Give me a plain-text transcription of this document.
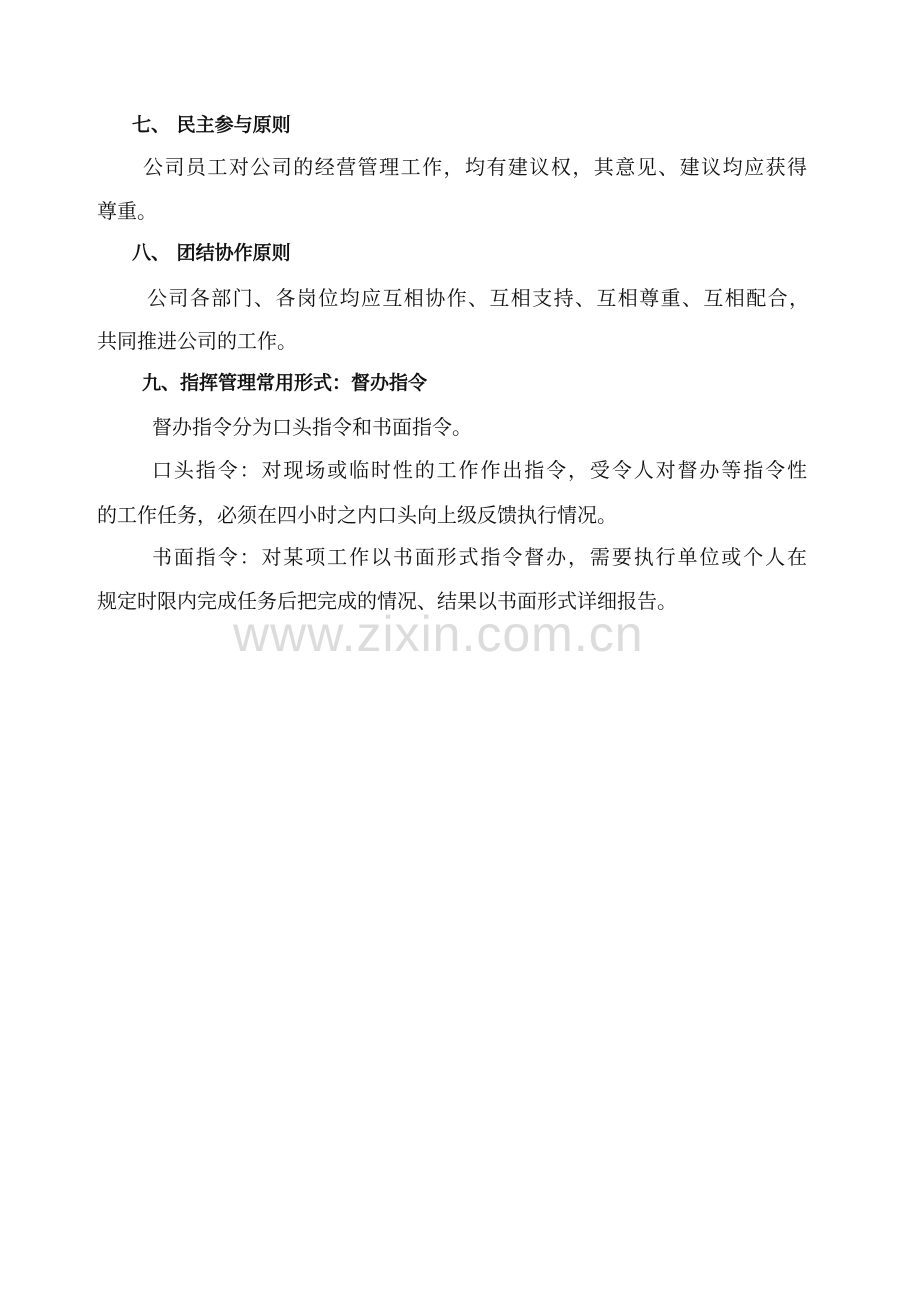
七、 民主参与原则
公司员工对公司的经营管理工作，均有建议权，其意见、建议均应获得
尊重。
八、 团结协作原则
公司各部门、各岗位均应互相协作、互相支持、互相尊重、互相配合，
共同推进公司的工作。
九、指挥管理常用形式：督办指令
督办指令分为口头指令和书面指令。
口头指令：对现场或临时性的工作作出指令，受令人对督办等指令性
的工作任务，必须在四小时之内口头向上级反馈执行情况。
书面指令：对某项工作以书面形式指令督办，需要执行单位或个人在
规定时限内完成任务后把完成的情况、结果以书面形式详细报告。
www.zixin.com.cn
